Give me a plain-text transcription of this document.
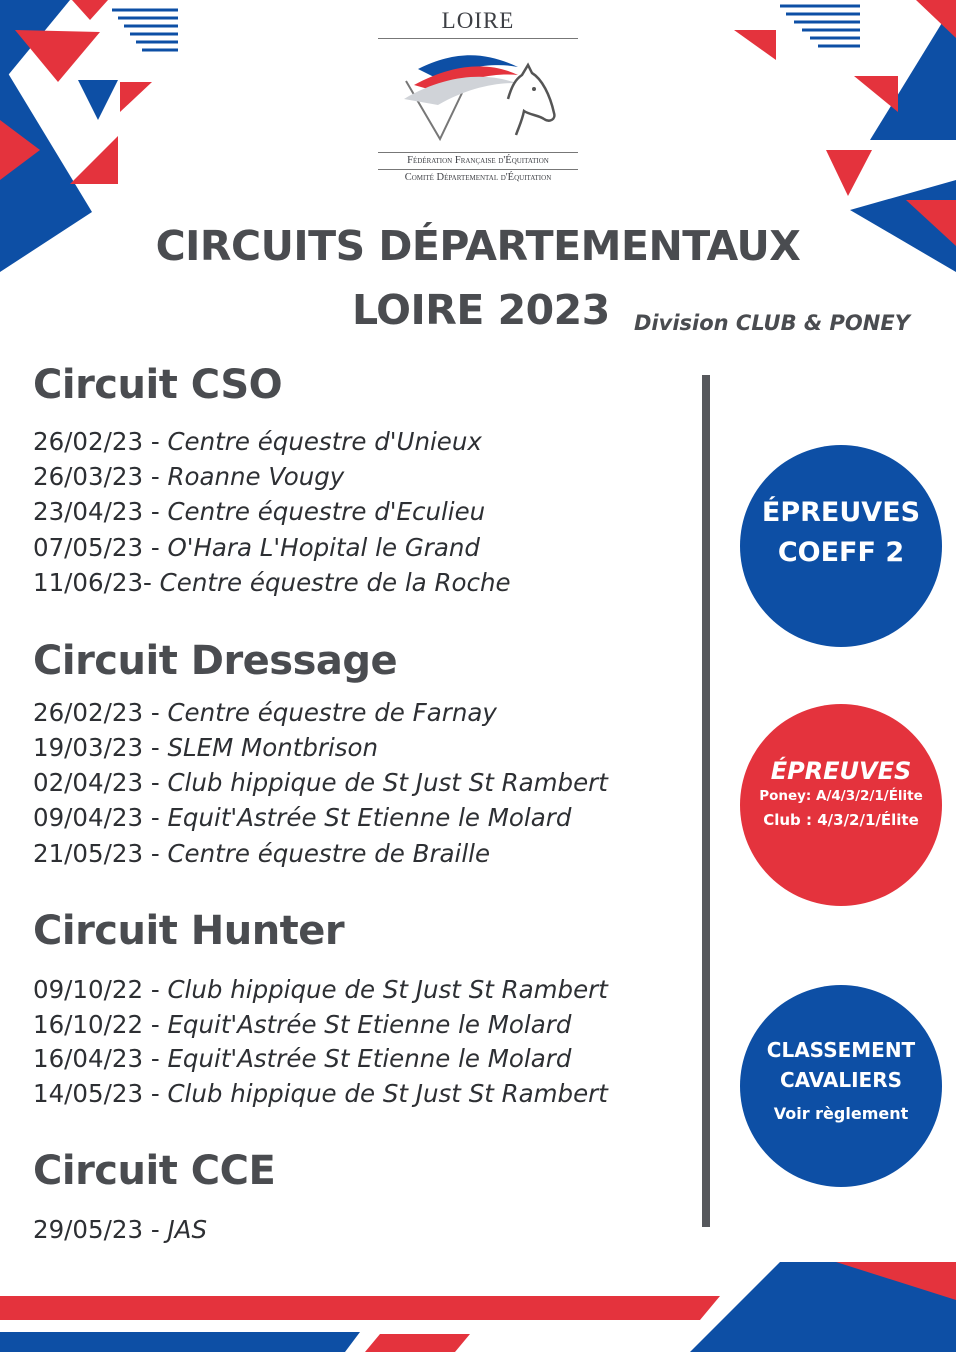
LOIRE
Fédération Française d'Équitation
Comité Départemental d'Équitation
CIRCUITS DÉPARTEMENTAUX
LOIRE 2023 Division CLUB & PONEY
Circuit CSO
26/02/23 - Centre équestre d'Unieux
26/03/23 - Roanne Vougy
23/04/23 - Centre équestre d'Eculieu
07/05/23 - O'Hara L'Hopital le Grand
11/06/23- Centre équestre de la Roche
Circuit Dressage
26/02/23 - Centre équestre de Farnay
19/03/23 - SLEM Montbrison
02/04/23 - Club hippique de St Just St Rambert
09/04/23 - Equit'Astrée St Etienne le Molard
21/05/23 - Centre équestre de Braille
Circuit Hunter
09/10/22 - Club hippique de St Just St Rambert
16/10/22 - Equit'Astrée St Etienne le Molard
16/04/23 - Equit'Astrée St Etienne le Molard
14/05/23 - Club hippique de St Just St Rambert
Circuit CCE
29/05/23 - JAS
ÉPREUVES
COEFF 2
ÉPREUVES
Poney: A/4/3/2/1/Élite
Club : 4/3/2/1/Élite
CLASSEMENT
CAVALIERS
Voir règlement
